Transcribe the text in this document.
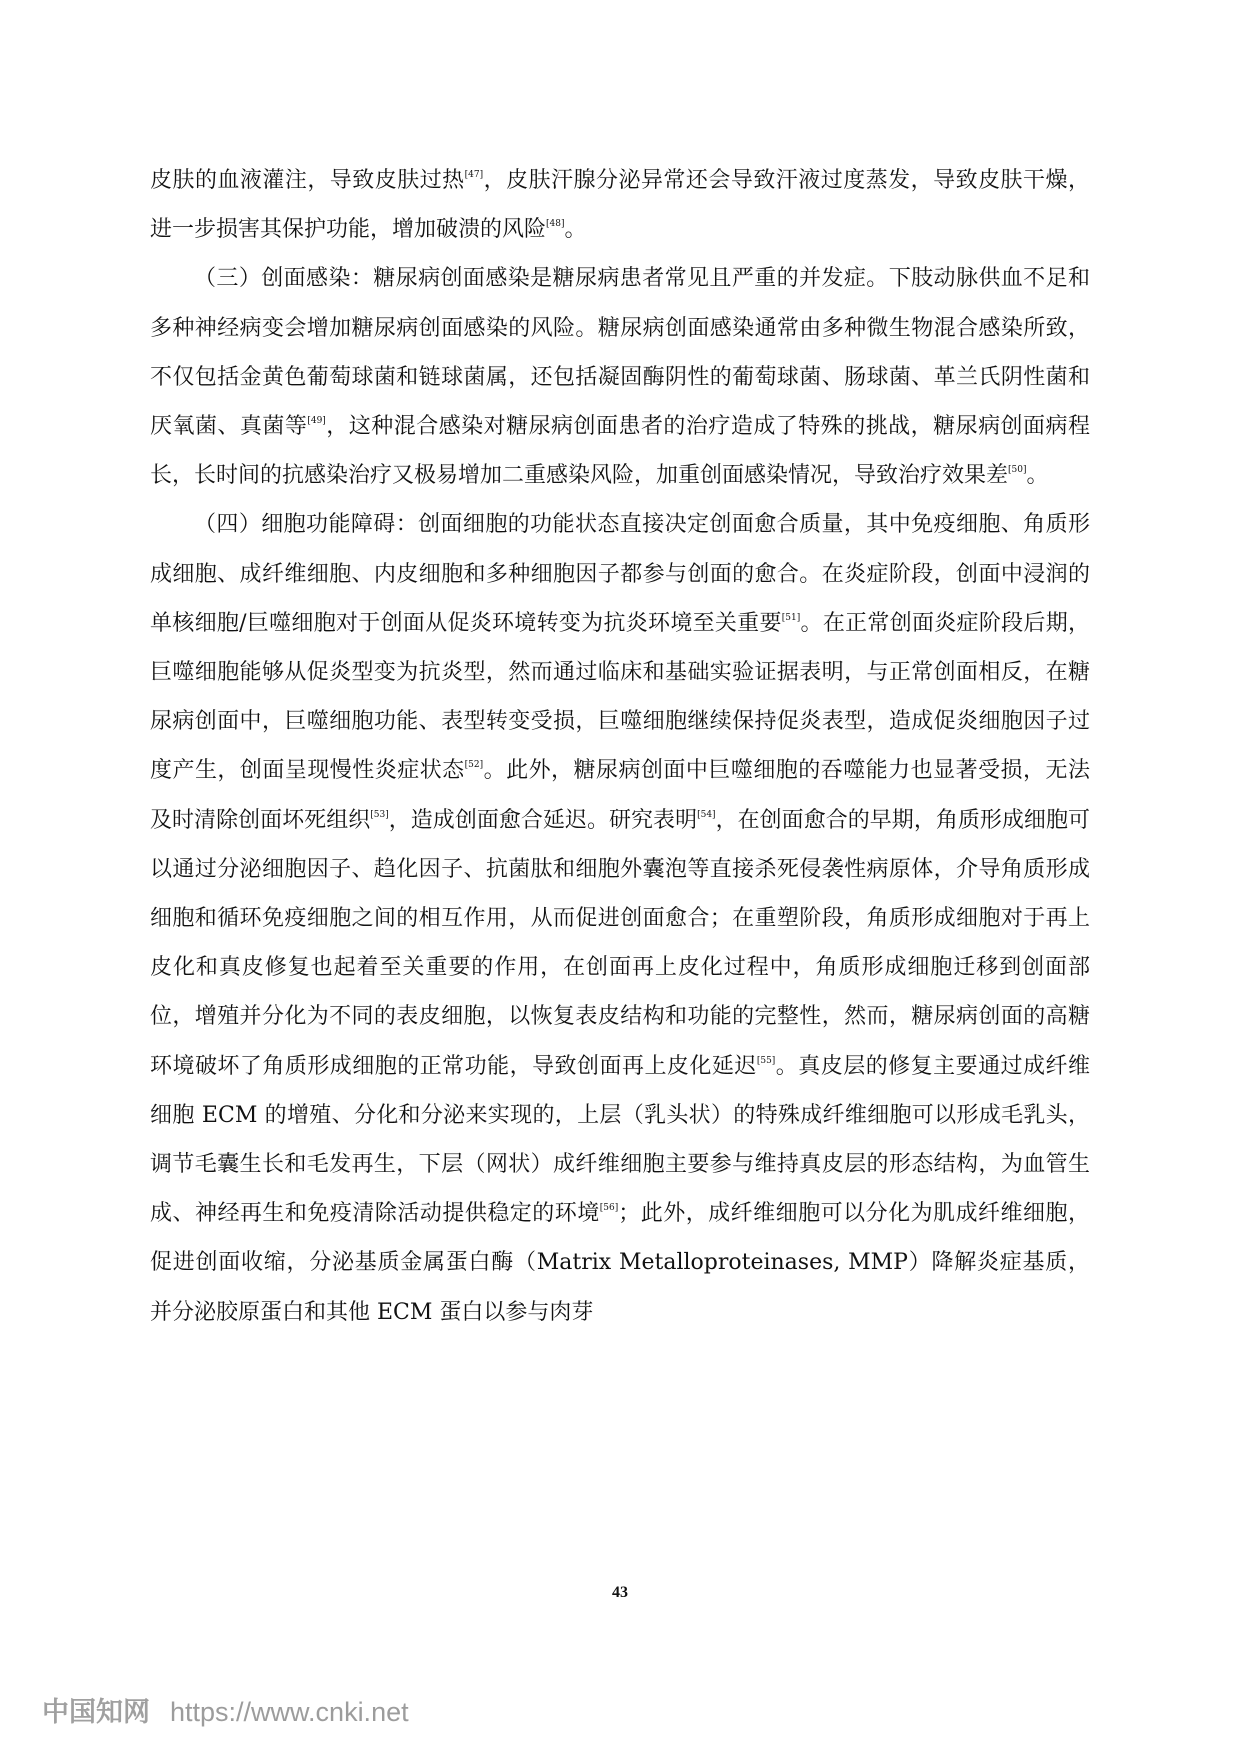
皮肤的血液灌注，导致皮肤过热[47]，皮肤汗腺分泌异常还会导致汗液过度蒸发，导致皮肤干燥，进一步损害其保护功能，增加破溃的风险[48]。

（三）创面感染：糖尿病创面感染是糖尿病患者常见且严重的并发症。下肢动脉供血不足和多种神经病变会增加糖尿病创面感染的风险。糖尿病创面感染通常由多种微生物混合感染所致，不仅包括金黄色葡萄球菌和链球菌属，还包括凝固酶阴性的葡萄球菌、肠球菌、革兰氏阴性菌和厌氧菌、真菌等[49]，这种混合感染对糖尿病创面患者的治疗造成了特殊的挑战，糖尿病创面病程长，长时间的抗感染治疗又极易增加二重感染风险，加重创面感染情况，导致治疗效果差[50]。

（四）细胞功能障碍：创面细胞的功能状态直接决定创面愈合质量，其中免疫细胞、角质形成细胞、成纤维细胞、内皮细胞和多种细胞因子都参与创面的愈合。在炎症阶段，创面中浸润的单核细胞/巨噬细胞对于创面从促炎环境转变为抗炎环境至关重要[51]。在正常创面炎症阶段后期，巨噬细胞能够从促炎型变为抗炎型，然而通过临床和基础实验证据表明，与正常创面相反，在糖尿病创面中，巨噬细胞功能、表型转变受损，巨噬细胞继续保持促炎表型，造成促炎细胞因子过度产生，创面呈现慢性炎症状态[52]。此外，糖尿病创面中巨噬细胞的吞噬能力也显著受损，无法及时清除创面坏死组织[53]，造成创面愈合延迟。研究表明[54]，在创面愈合的早期，角质形成细胞可以通过分泌细胞因子、趋化因子、抗菌肽和细胞外囊泡等直接杀死侵袭性病原体，介导角质形成细胞和循环免疫细胞之间的相互作用，从而促进创面愈合；在重塑阶段，角质形成细胞对于再上皮化和真皮修复也起着至关重要的作用，在创面再上皮化过程中，角质形成细胞迁移到创面部位，增殖并分化为不同的表皮细胞，以恢复表皮结构和功能的完整性，然而，糖尿病创面的高糖环境破坏了角质形成细胞的正常功能，导致创面再上皮化延迟[55]。真皮层的修复主要通过成纤维细胞 ECM 的增殖、分化和分泌来实现的，上层（乳头状）的特殊成纤维细胞可以形成毛乳头，调节毛囊生长和毛发再生，下层（网状）成纤维细胞主要参与维持真皮层的形态结构，为血管生成、神经再生和免疫清除活动提供稳定的环境[56]；此外，成纤维细胞可以分化为肌成纤维细胞，促进创面收缩，分泌基质金属蛋白酶（Matrix Metalloproteinases, MMP）降解炎症基质，并分泌胶原蛋白和其他 ECM 蛋白以参与肉芽

43
中国知网 https://www.cnki.net
